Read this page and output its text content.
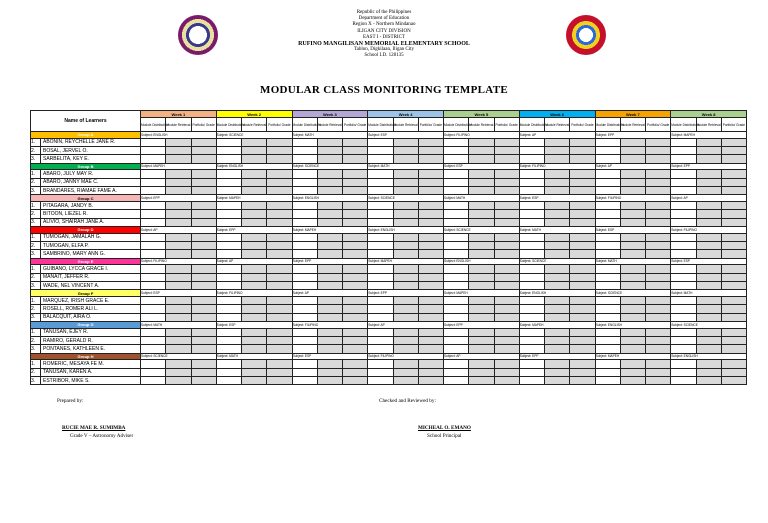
Republic of the Philippines
Department of Education
Region X - Northern Mindanao
ILIGAN CITY DIVISION
EAST I - DISTRICT
RUFINO MANGILISAN MEMORIAL ELEMENTARY SCHOOL
Tablon, Digkilaan, Iligan City
School I.D. 128135
MODULAR CLASS MONITORING TEMPLATE
Name of Learners		Week 1			Week 2			Week 3			Week 4			Week 5			Week 6			Week 7			Week 8		
		Module Distributio n	Module Retrieval	Portfolio/ Grade	Module Distributio n	Module Retrieval	Portfolio/ Grade	Module Distributio n	Module Retrieval	Portfolio/ Grade	Module Distributio n	Module Retrieval	Portfolio/ Grade	Module Distributio n	Module Retrieval	Portfolio/ Grade	Module Distributio n	Module Retrieval	Portfolio/ Grade	Module Distributio n	Module Retrieval	Portfolio/ Grade	Module Distributio n	Module Retrieval	Portfolio/ Grade
Group A		Subject: ENGLISH			Subject: SCIENCE			Subject: MATH			Subject: ESP			Subject: FILIPINO			Subject: AP			Subject: EPP			Subject: MAPEH		
1.	ABONIN, REYCHELLE JANE R.																								
2.	BOSAL, JERVEL O.																								
3.	SARBELITA, KEY E.																								
Group B		Subject: MAPEH			Subject: ENGLISH			Subject: SCIENCE			Subject: MATH			Subject: ESP			Subject: FILIPINO			Subject: AP			Subject: EPP		
1.	ABARO, JULY MAY R.																								
2.	ABARO, JANNY MAE C.																								
3.	BRANDARES, RIAMAE FAME A.																								
Group C		Subject: EPP			Subject: MAPEH			Subject: ENGLISH			Subject: SCIENCE			Subject: MATH			Subject: ESP			Subject: FILIPINO			Subject: AP		
1.	PITAGARA, JANDY B.																								
2.	BITOON, LIEZEL R.																								
3.	ALIVIO, SHAIRAH JANE A.																								
Group D		Subject: AP			Subject: EPP			Subject: MAPEH			Subject: ENGLISH			Subject: SCIENCE			Subject: MATH			Subject: ESP			Subject: FILIPINO		
1.	TUMOGAN, JAMALAH G.																								
2.	TUMOGAN, ELFA P.																								
3.	SAMBRINO, MARY ANN G.																								
Group E		Subject: FILIPINO			Subject: AP			Subject: EPP			Subject: MAPEH			Subject: ENGLISH			Subject: SCIENCE			Subject: MATH			Subject: ESP		
1.	GUIBANO, LYCCA GRACE I.																								
2.	MANAIT, JEFFER R.																								
3.	WADE, NEL VINCENT A.																								
Group F		Subject: ESP			Subject: FILIPINO			Subject: AP			Subject: EPP			Subject: MAPEH			Subject: ENGLISH			Subject: SCIENCE			Subject: MATH		
1.	MARQUEZ, IRISH GRACE E.																								
2.	ROSELL, ROMER ALI L.																								
3.	BALACQUIT, AIRA O.																								
Group G		Subject: MATH			Subject: ESP			Subject: FILIPINO			Subject: AP			Subject: EPP			Subject: MAPEH			Subject: ENGLISH			Subject: SCIENCE		
1.	TANUSAN, EJEY R.																								
2.	RAMIRO, GERALD R.																								
3.	PONTANES, KATHLEEN E.																								
Group H		Subject: SCIENCE			Subject: MATH			Subject: ESP			Subject: FILIPINO			Subject: AP			Subject: EPP			Subject: MAPEH			Subject: ENGLISH		
1.	ROMERIC, MESAYA FE M.																								
2.	TANUSAN, KAREN A.																								
3.	ESTRIBOR, MIKE S.																								
Prepared by:
RUCIE MAE R. SUMIMBA
Grade V – Astronomy Adviser
Checked and Reviewed by:
MICHEAL O. EMANO
School Principal
